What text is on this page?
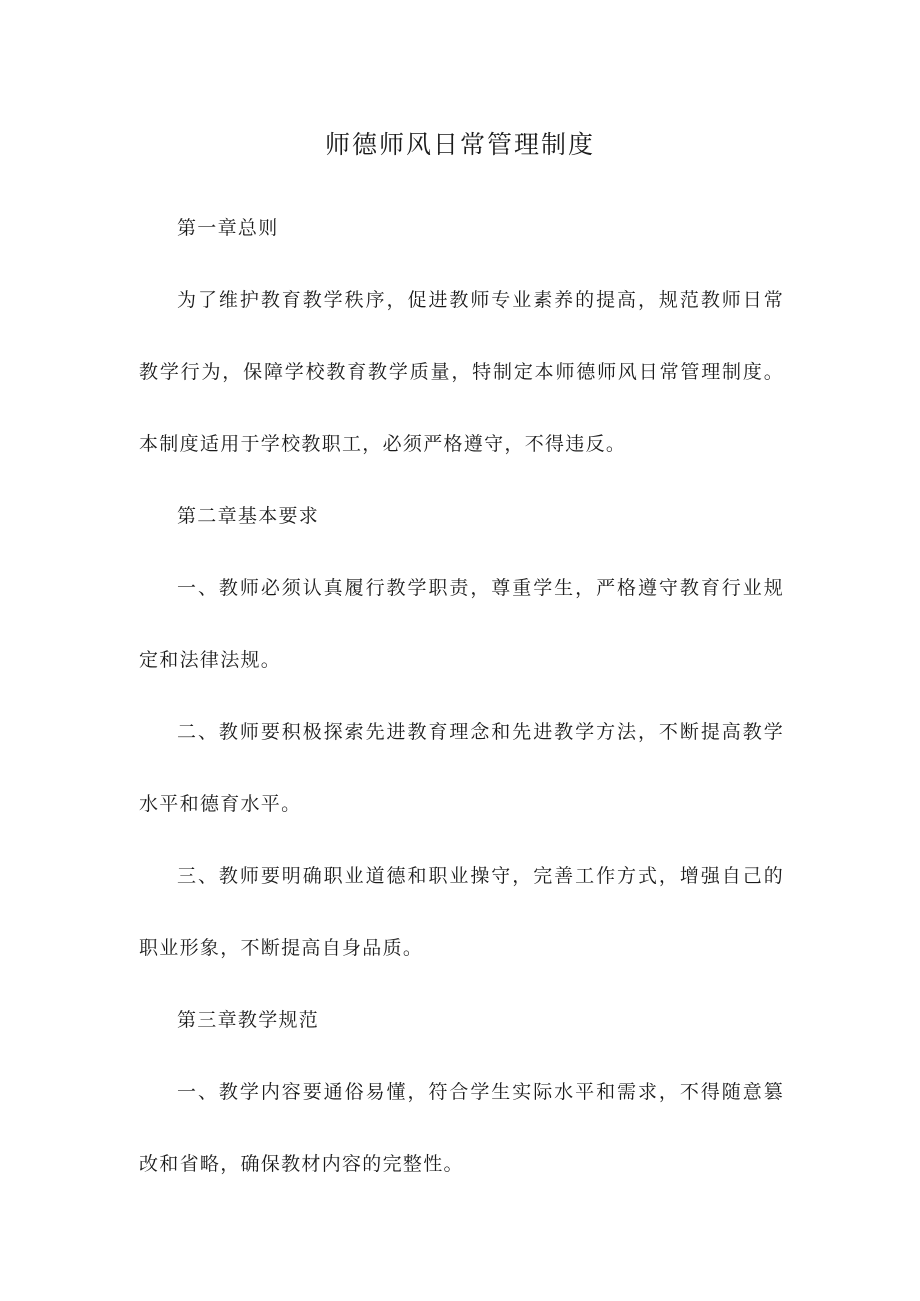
师德师风日常管理制度

第一章总则

为了维护教育教学秩序，促进教师专业素养的提高，规范教师日常教学行为，保障学校教育教学质量，特制定本师德师风日常管理制度。本制度适用于学校教职工，必须严格遵守，不得违反。

第二章基本要求

一、教师必须认真履行教学职责，尊重学生，严格遵守教育行业规定和法律法规。

二、教师要积极探索先进教育理念和先进教学方法，不断提高教学水平和德育水平。

三、教师要明确职业道德和职业操守，完善工作方式，增强自己的职业形象，不断提高自身品质。

第三章教学规范

一、教学内容要通俗易懂，符合学生实际水平和需求，不得随意篡改和省略，确保教材内容的完整性。
